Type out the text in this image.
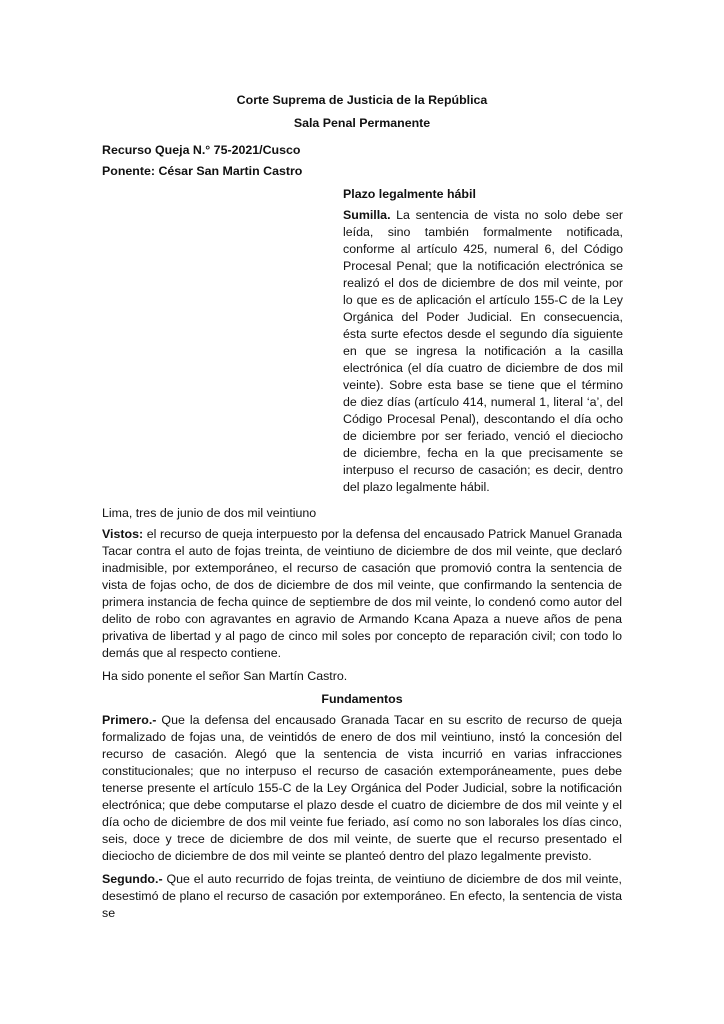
Corte Suprema de Justicia de la República

Sala Penal Permanente

Recurso Queja N.° 75-2021/Cusco

Ponente: César San Martin Castro

Plazo legalmente hábil

Sumilla. La sentencia de vista no solo debe ser leída, sino también formalmente notificada, conforme al artículo 425, numeral 6, del Código Procesal Penal; que la notificación electrónica se realizó el dos de diciembre de dos mil veinte, por lo que es de aplicación el artículo 155-C de la Ley Orgánica del Poder Judicial. En consecuencia, ésta surte efectos desde el segundo día siguiente en que se ingresa la notificación a la casilla electrónica (el día cuatro de diciembre de dos mil veinte). Sobre esta base se tiene que el término de diez días (artículo 414, numeral 1, literal ‘a’, del Código Procesal Penal), descontando el día ocho de diciembre por ser feriado, venció el dieciocho de diciembre, fecha en la que precisamente se interpuso el recurso de casación; es decir, dentro del plazo legalmente hábil.

Lima, tres de junio de dos mil veintiuno

Vistos: el recurso de queja interpuesto por la defensa del encausado Patrick Manuel Granada Tacar contra el auto de fojas treinta, de veintiuno de diciembre de dos mil veinte, que declaró inadmisible, por extemporáneo, el recurso de casación que promovió contra la sentencia de vista de fojas ocho, de dos de diciembre de dos mil veinte, que confirmando la sentencia de primera instancia de fecha quince de septiembre de dos mil veinte, lo condenó como autor del delito de robo con agravantes en agravio de Armando Kcana Apaza a nueve años de pena privativa de libertad y al pago de cinco mil soles por concepto de reparación civil; con todo lo demás que al respecto contiene.

Ha sido ponente el señor San Martín Castro.

Fundamentos

Primero.- Que la defensa del encausado Granada Tacar en su escrito de recurso de queja formalizado de fojas una, de veintidós de enero de dos mil veintiuno, instó la concesión del recurso de casación. Alegó que la sentencia de vista incurrió en varias infracciones constitucionales; que no interpuso el recurso de casación extemporáneamente, pues debe tenerse presente el artículo 155-C de la Ley Orgánica del Poder Judicial, sobre la notificación electrónica; que debe computarse el plazo desde el cuatro de diciembre de dos mil veinte y el día ocho de diciembre de dos mil veinte fue feriado, así como no son laborales los días cinco, seis, doce y trece de diciembre de dos mil veinte, de suerte que el recurso presentado el dieciocho de diciembre de dos mil veinte se planteó dentro del plazo legalmente previsto.

Segundo.- Que el auto recurrido de fojas treinta, de veintiuno de diciembre de dos mil veinte, desestimó de plano el recurso de casación por extemporáneo. En efecto, la sentencia de vista se
